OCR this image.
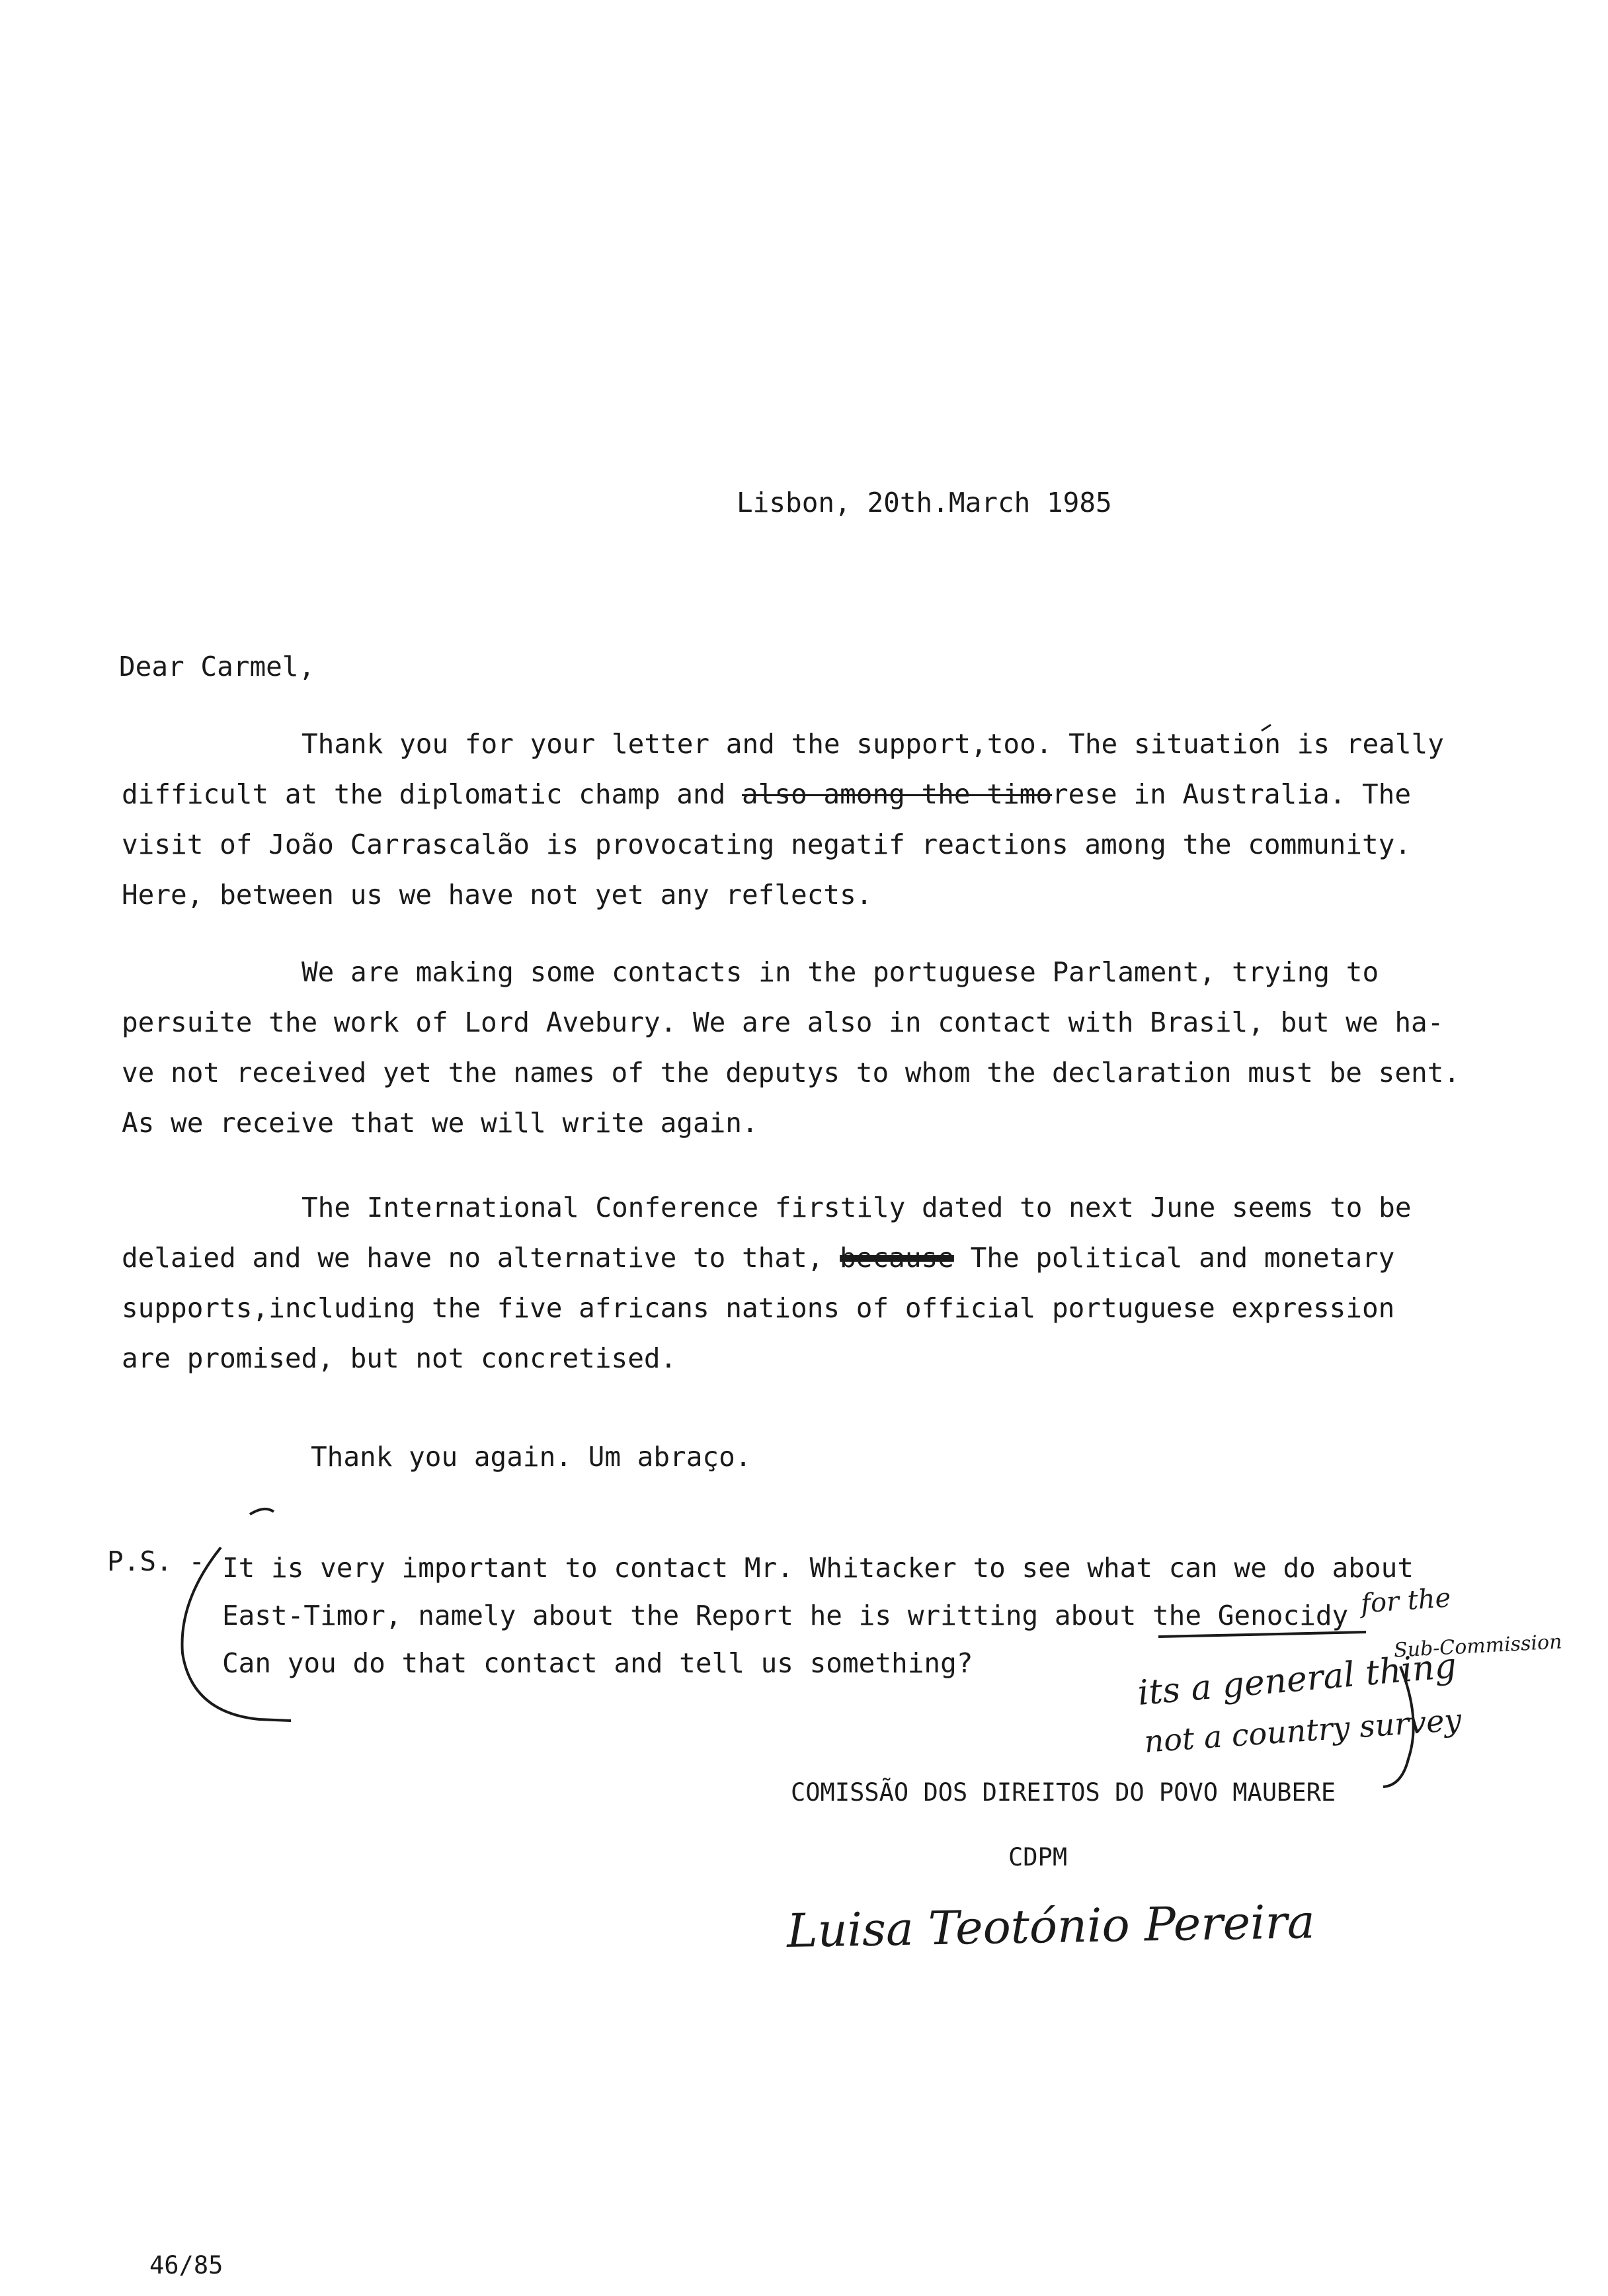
Lisbon, 20th.March 1985
Dear Carmel,
Thank you for your letter and the support,too. The situation is really
difficult at the diplomatic champ and also among the timorese in Australia. The
visit of João Carrascalão is provocating negatif reactions among the community.
Here, between us we have not yet any reflects.
We are making some contacts in the portuguese Parlament, trying to
persuite the work of Lord Avebury. We are also in contact with Brasil, but we ha-
ve not received yet the names of the deputys to whom the declaration must be sent.
As we receive that we will write again.
The International Conference firstily dated to next June seems to be
delaied and we have no alternative to that, because The political and monetary
supports,including the five africans nations of official portuguese expression
are promised, but not concretised.
Thank you again. Um abraço.
P.S. - It is very important to contact Mr. Whitacker to see what can we do about
East-Timor, namely about the Report he is writting about the Genocidy
Can you do that contact and tell us something?
for the
Sub-Commission
its a general thing
not a country survey
COMISSÃO DOS DIREITOS DO POVO MAUBERE
CDPM
Luisa Teotónio Pereira
46/85
